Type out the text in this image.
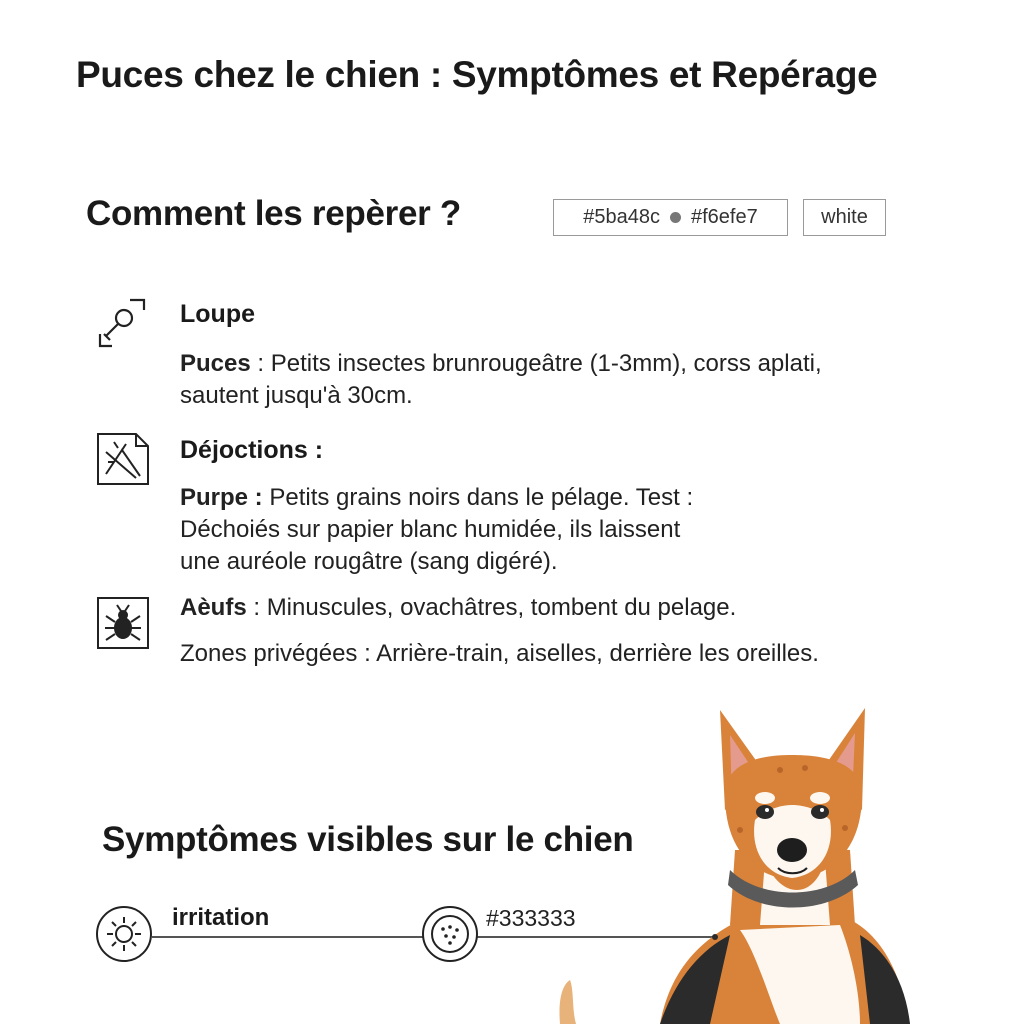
Puces chez le chien : Symptômes et Repérage
Comment les repèrer ?	#5ba48c #f6efe7	white
Loupe
Puces : Petits insectes brunrougeâtre (1-3mm), corss aplati,
sautent jusqu'à 30cm.
Déjoctions :
Purpe : Petits grains noirs dans le pélage. Test :
Déchoiés sur papier blanc humidée, ils laissent
une auréole rougâtre (sang digéré).
Aèufs : Minuscules, ovachâtres, tombent du pelage.
Zones privégées : Arrière-train, aiselles, derrière les oreilles.
Symptômes visibles sur le chien
irritation	#333333
